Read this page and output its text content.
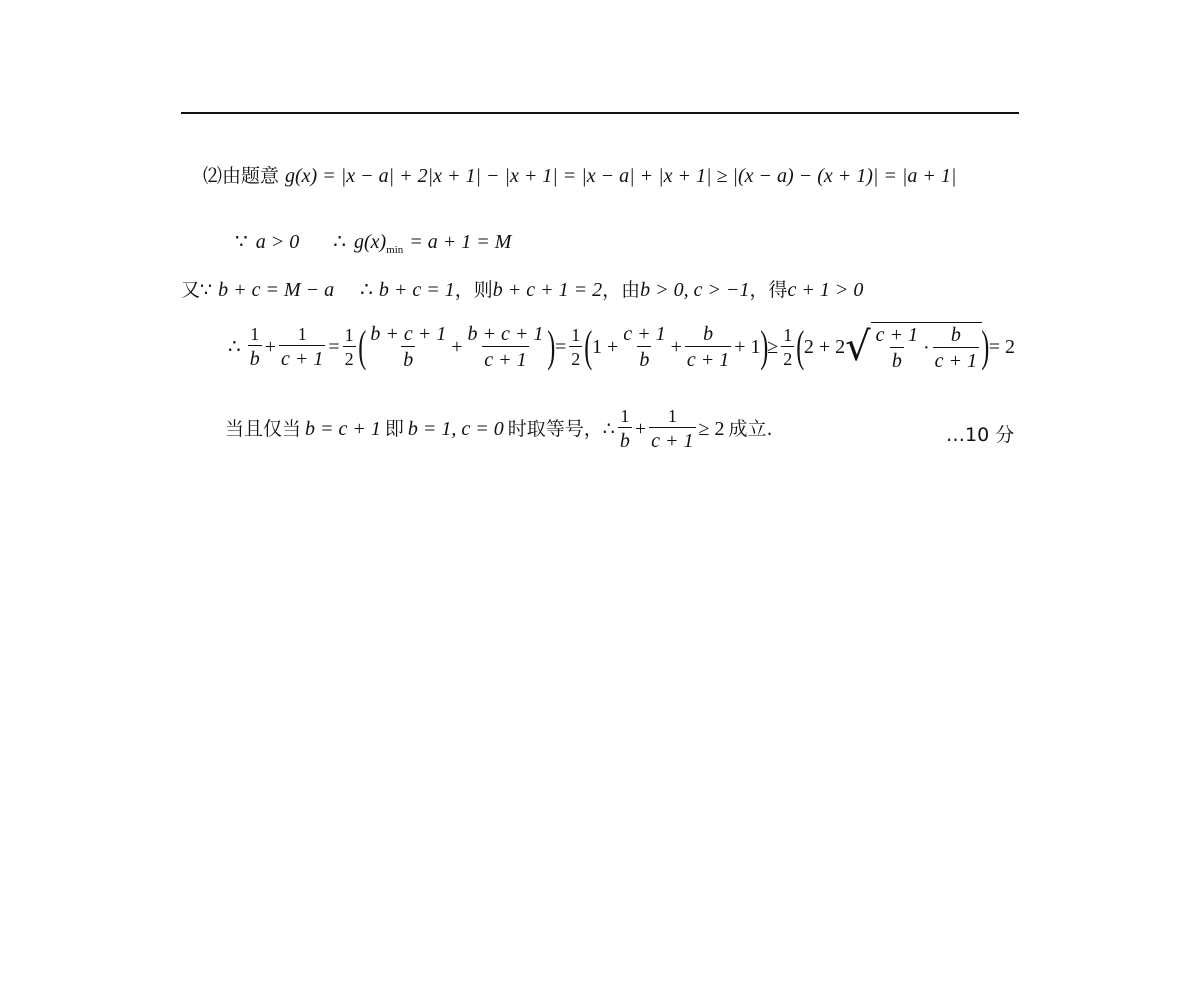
⑵由题意 g(x) = |x − a| + 2|x + 1| − |x + 1| = |x − a| + |x + 1| ≥ |(x − a) − (x + 1)| = |a + 1|
∵ a > 0 ∴ g(x) min = a + 1 = M
又∵ b + c = M − a ∴ b + c = 1 ，则 b + c + 1 = 2 ，由 b > 0, c > −1 ，得 c + 1 > 0
∴ $\frac{1}{b} + \frac{1}{c + 1} = \frac{1}{2}$ ( $\frac{b + c + 1}{b} + \frac{b + c + 1}{c + 1}$ ) = $\frac{1}{2}$ ( $1 + \frac{c + 1}{b} + \frac{b}{c + 1} + 1$ ) ≥ $\frac{1}{2}$ ( 2 + 2 √ $\frac{c + 1}{b} \cdot \frac{b}{c + 1}$ ) = 2
当且仅当 b = c + 1 即 b = 1, c = 0 时取等号，∴ $\frac{1}{b} + \frac{1}{c + 1} \ge 2$ 成立.	…10 分
